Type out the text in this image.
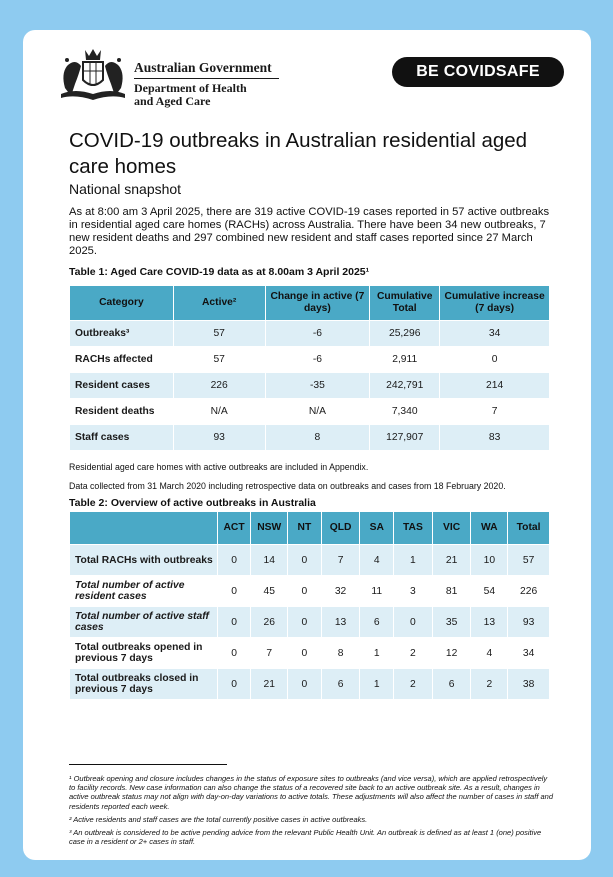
Australian Government
Department of Health
and Aged Care
BE COVIDSAFE
COVID-19 outbreaks in Australian residential aged care homes
National snapshot
As at 8:00 am 3 April 2025, there are 319 active COVID-19 cases reported in 57 active outbreaks in residential aged care homes (RACHs) across Australia. There have been 34 new outbreaks, 7 new resident deaths and 297 combined new resident and staff cases reported since 27 March 2025.
Table 1: Aged Care COVID-19 data as at 8.00am 3 April 2025¹
Category	Active²	Change in active (7 days)	Cumulative Total	Cumulative increase (7 days)
Outbreaks³	57	-6	25,296	34
RACHs affected	57	-6	2,911	0
Resident cases	226	-35	242,791	214
Resident deaths	N/A	N/A	7,340	7
Staff cases	93	8	127,907	83
Residential aged care homes with active outbreaks are included in Appendix.
Data collected from 31 March 2020 including retrospective data on outbreaks and cases from 18 February 2020.
Table 2: Overview of active outbreaks in Australia
	ACT	NSW	NT	QLD	SA	TAS	VIC	WA	Total
Total RACHs with outbreaks	0	14	0	7	4	1	21	10	57
Total number of active resident cases	0	45	0	32	11	3	81	54	226
Total number of active staff cases	0	26	0	13	6	0	35	13	93
Total outbreaks opened in previous 7 days	0	7	0	8	1	2	12	4	34
Total outbreaks closed in previous 7 days	0	21	0	6	1	2	6	2	38

¹ Outbreak opening and closure includes changes in the status of exposure sites to outbreaks (and vice versa), which are applied retrospectively to facility records. New case information can also change the status of a recovered site back to an active outbreak site. As a result, changes in active outbreak status may not align with day-on-day variations to active totals. These adjustments will also affect the number of cases in staff and residents reported each week.

² Active residents and staff cases are the total currently positive cases in active outbreaks.

³ An outbreak is considered to be active pending advice from the relevant Public Health Unit. An outbreak is defined as at least 1 (one) positive case in a resident or 2+ cases in staff.
